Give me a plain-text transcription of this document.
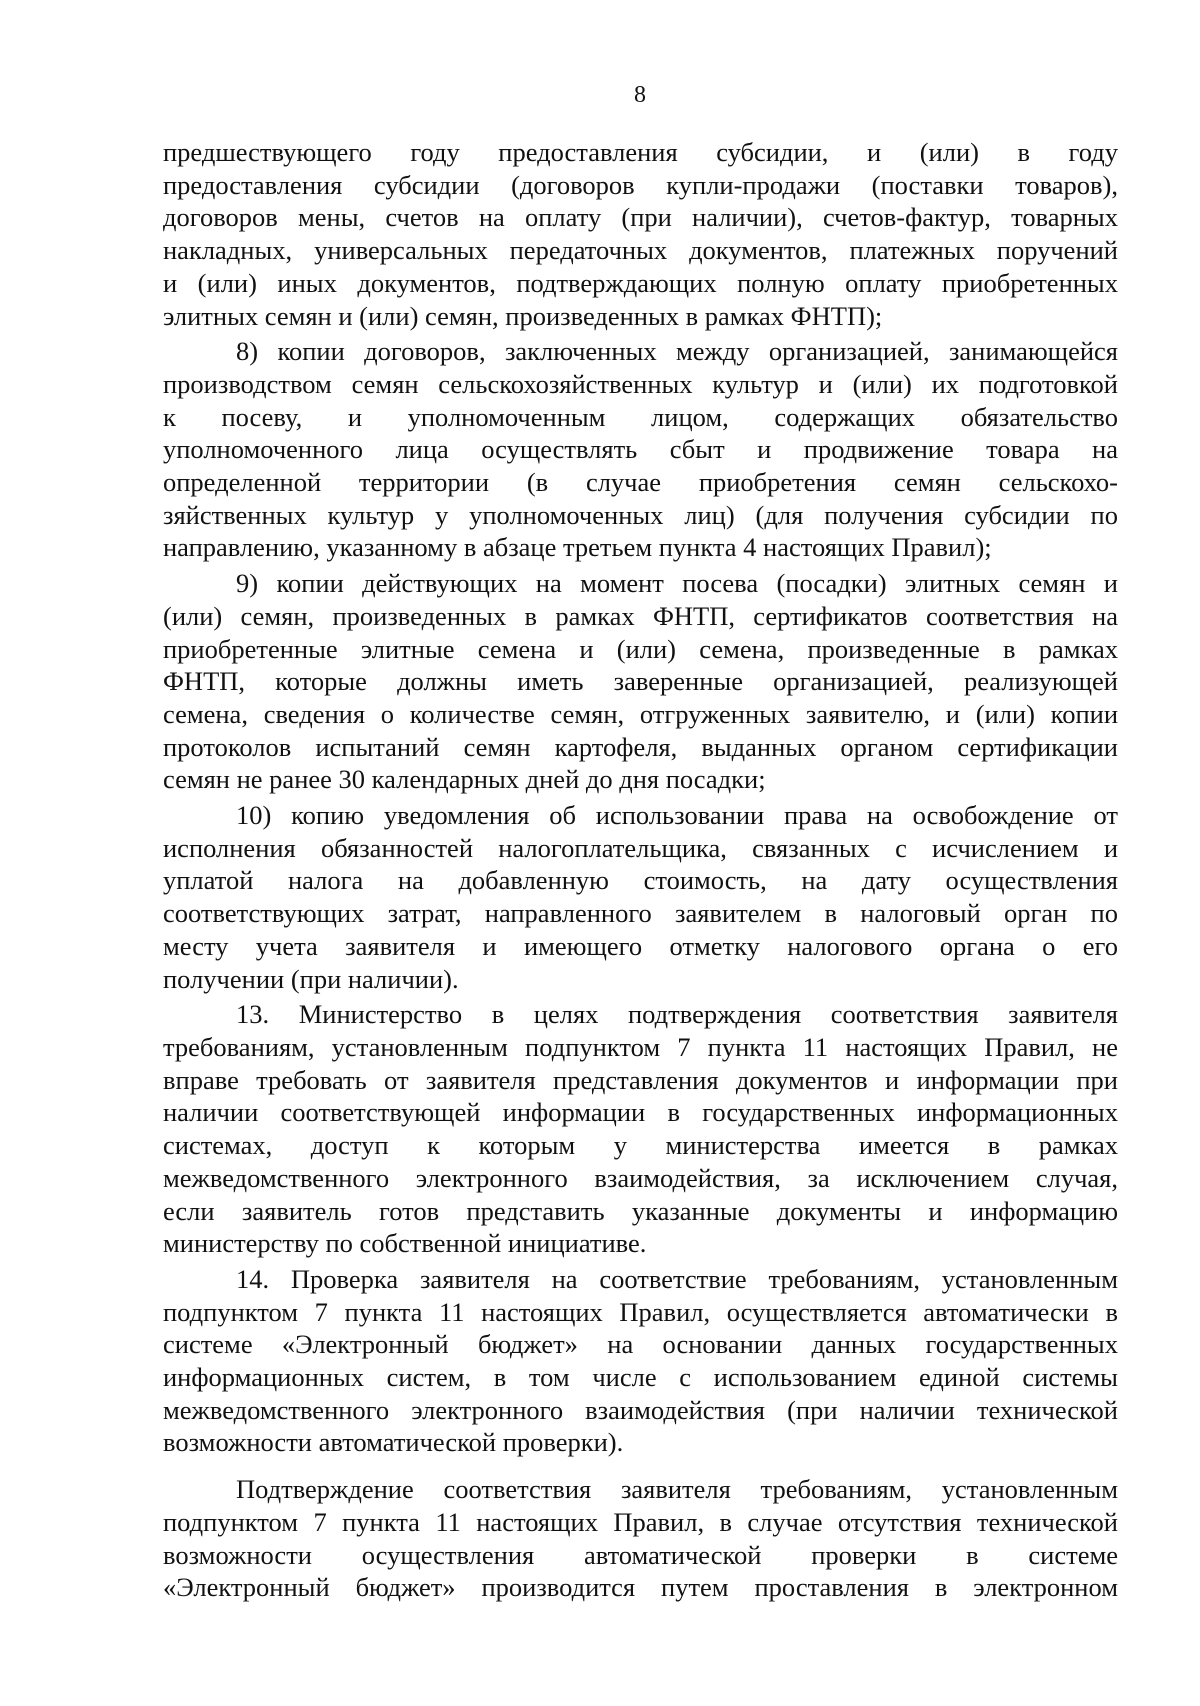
8
предшествующего году предоставления субсидии, и (или) в году
предоставления субсидии (договоров купли-продажи (поставки товаров),
договоров мены, счетов на оплату (при наличии), счетов-фактур, товарных
накладных, универсальных передаточных документов, платежных поручений
и (или) иных документов, подтверждающих полную оплату приобретенных
элитных семян и (или) семян, произведенных в рамках ФНТП);
8) копии договоров, заключенных между организацией, занимающейся
производством семян сельскохозяйственных культур и (или) их подготовкой
к посеву, и уполномоченным лицом, содержащих обязательство
уполномоченного лица осуществлять сбыт и продвижение товара на
определенной территории (в случае приобретения семян сельскохо-
зяйственных культур у уполномоченных лиц) (для получения субсидии по
направлению, указанному в абзаце третьем пункта 4 настоящих Правил);
9) копии действующих на момент посева (посадки) элитных семян и
(или) семян, произведенных в рамках ФНТП, сертификатов соответствия на
приобретенные элитные семена и (или) семена, произведенные в рамках
ФНТП, которые должны иметь заверенные организацией, реализующей
семена, сведения о количестве семян, отгруженных заявителю, и (или) копии
протоколов испытаний семян картофеля, выданных органом сертификации
семян не ранее 30 календарных дней до дня посадки;
10) копию уведомления об использовании права на освобождение от
исполнения обязанностей налогоплательщика, связанных с исчислением и
уплатой налога на добавленную стоимость, на дату осуществления
соответствующих затрат, направленного заявителем в налоговый орган по
месту учета заявителя и имеющего отметку налогового органа о его
получении (при наличии).
13. Министерство в целях подтверждения соответствия заявителя
требованиям, установленным подпунктом 7 пункта 11 настоящих Правил, не
вправе требовать от заявителя представления документов и информации при
наличии соответствующей информации в государственных информационных
системах, доступ к которым у министерства имеется в рамках
межведомственного электронного взаимодействия, за исключением случая,
если заявитель готов представить указанные документы и информацию
министерству по собственной инициативе.
14. Проверка заявителя на соответствие требованиям, установленным
подпунктом 7 пункта 11 настоящих Правил, осуществляется автоматически в
системе «Электронный бюджет» на основании данных государственных
информационных систем, в том числе с использованием единой системы
межведомственного электронного взаимодействия (при наличии технической
возможности автоматической проверки).
Подтверждение соответствия заявителя требованиям, установленным
подпунктом 7 пункта 11 настоящих Правил, в случае отсутствия технической
возможности осуществления автоматической проверки в системе
«Электронный бюджет» производится путем проставления в электронном
